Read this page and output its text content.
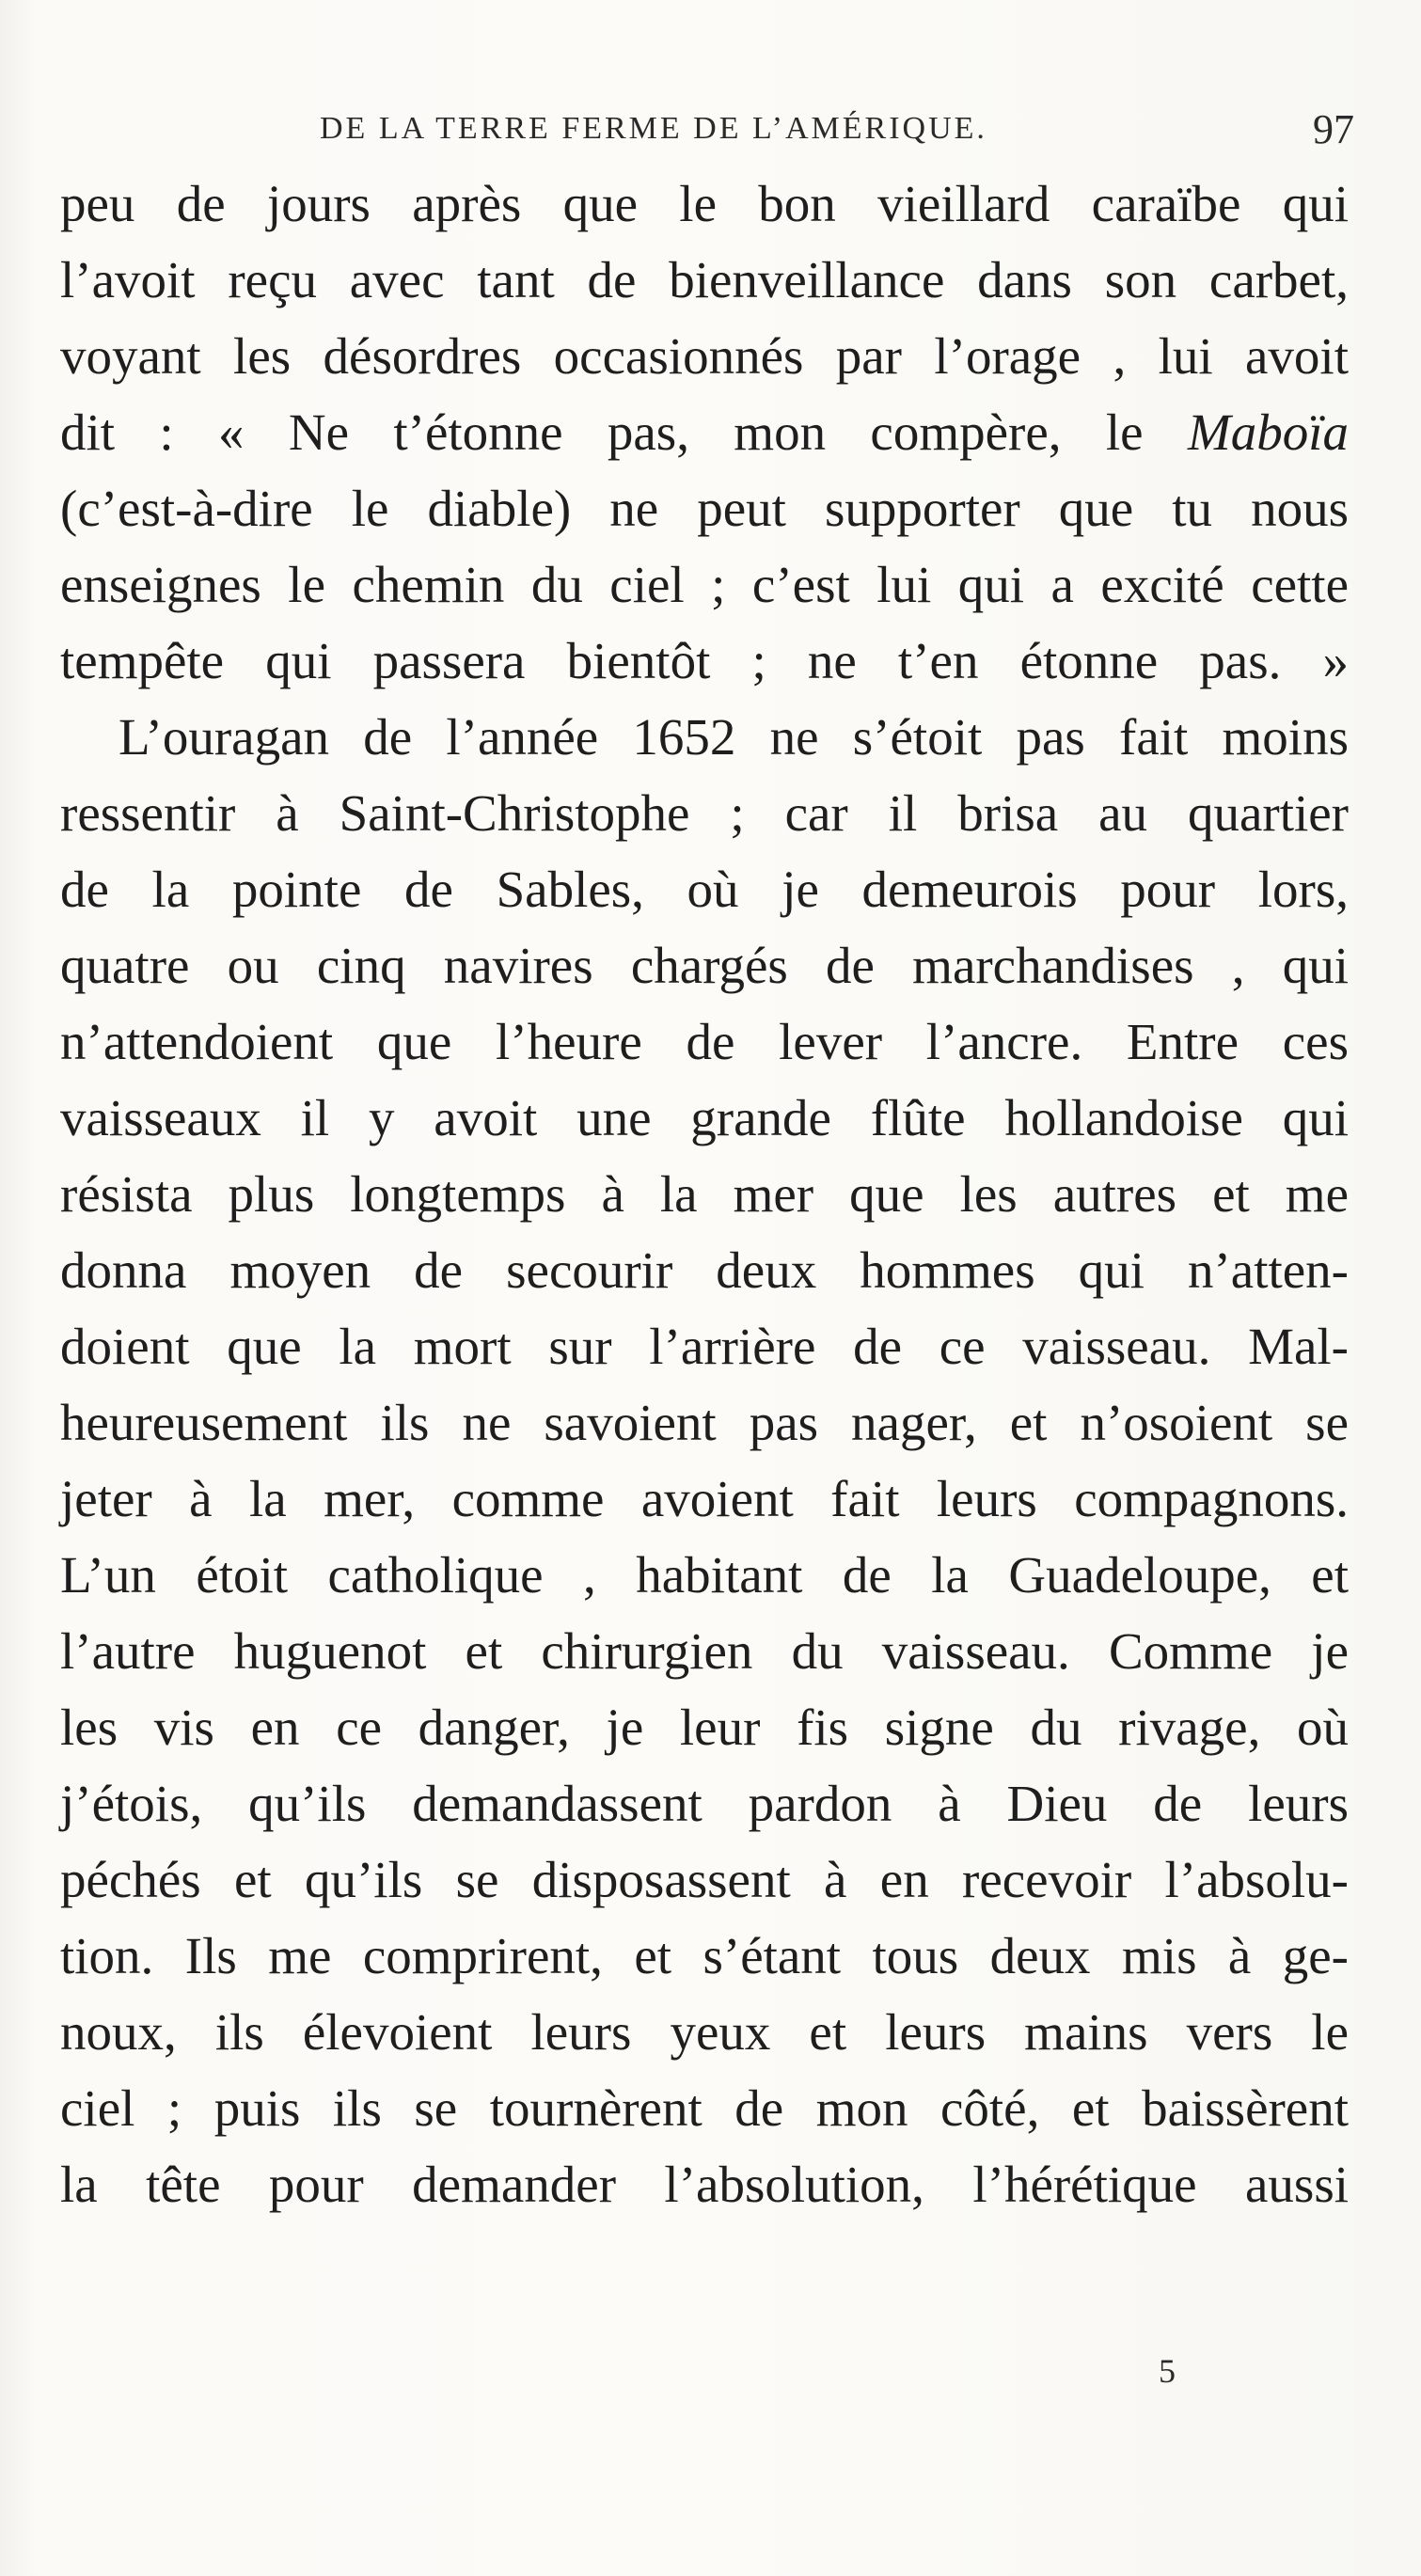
DE LA TERRE FERME DE L’AMÉRIQUE.	97
peu de jours après que le bon vieillard caraïbe qui
l’avoit reçu avec tant de bienveillance dans son carbet,
voyant les désordres occasionnés par l’orage , lui avoit
dit : « Ne t’étonne pas, mon compère, le Maboïa
(c’est-à-dire le diable) ne peut supporter que tu nous
enseignes le chemin du ciel ; c’est lui qui a excité cette
tempête qui passera bientôt ; ne t’en étonne pas. »
L’ouragan de l’année 1652 ne s’étoit pas fait moins
ressentir à Saint-Christophe ; car il brisa au quartier
de la pointe de Sables, où je demeurois pour lors,
quatre ou cinq navires chargés de marchandises , qui
n’attendoient que l’heure de lever l’ancre. Entre ces
vaisseaux il y avoit une grande flûte hollandoise qui
résista plus longtemps à la mer que les autres et me
donna moyen de secourir deux hommes qui n’atten-
doient que la mort sur l’arrière de ce vaisseau. Mal-
heureusement ils ne savoient pas nager, et n’osoient se
jeter à la mer, comme avoient fait leurs compagnons.
L’un étoit catholique , habitant de la Guadeloupe, et
l’autre huguenot et chirurgien du vaisseau. Comme je
les vis en ce danger, je leur fis signe du rivage, où
j’étois, qu’ils demandassent pardon à Dieu de leurs
péchés et qu’ils se disposassent à en recevoir l’absolu-
tion. Ils me comprirent, et s’étant tous deux mis à ge-
noux, ils élevoient leurs yeux et leurs mains vers le
ciel ; puis ils se tournèrent de mon côté, et baissèrent
la tête pour demander l’absolution, l’hérétique aussi
5
